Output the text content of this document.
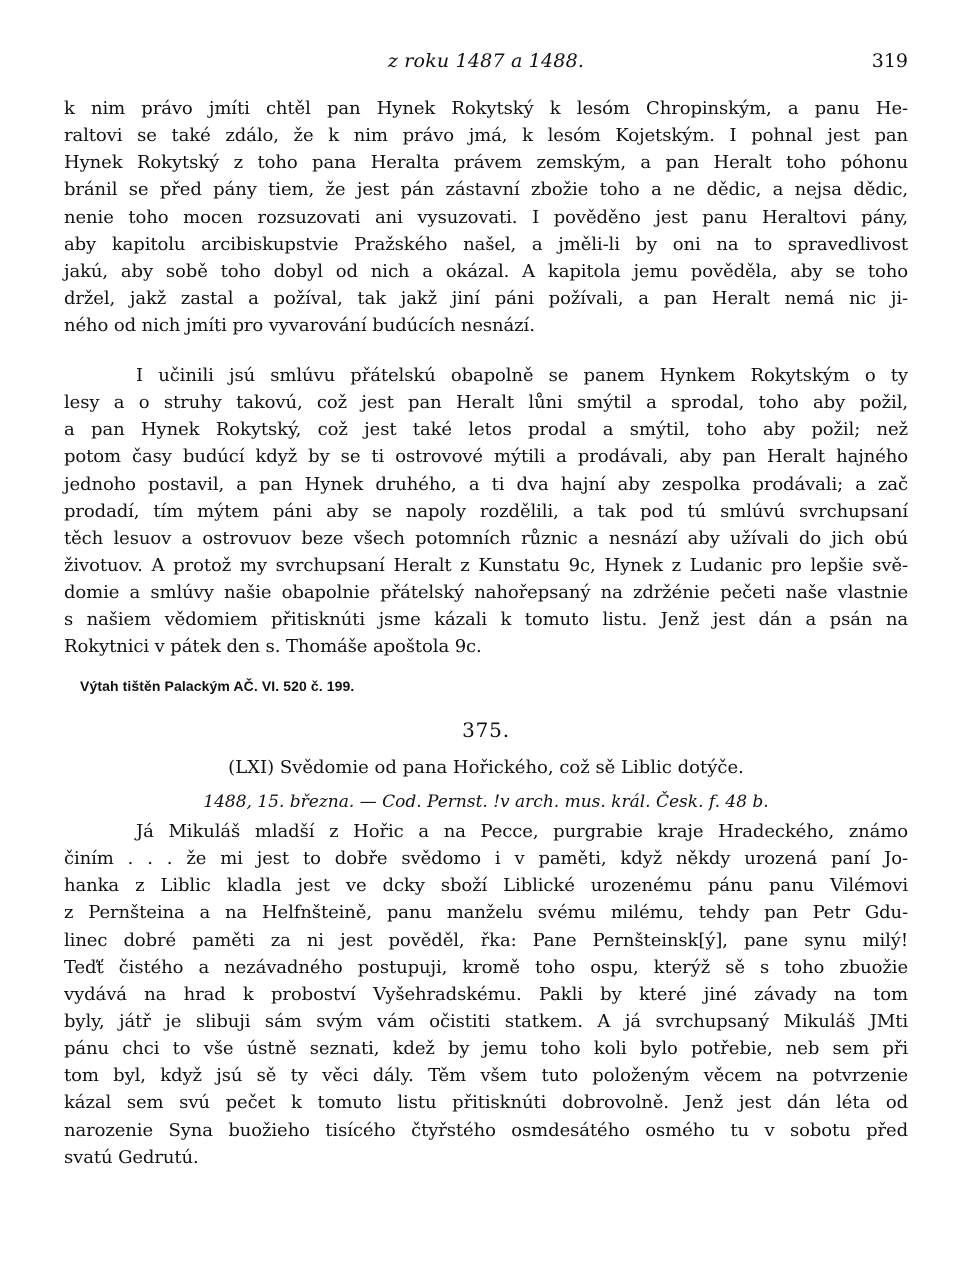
z roku 1487 a 1488.	319
k nim právo jmíti chtěl pan Hynek Rokytský k lesóm Chropinským, a panu He-
raltovi se také zdálo, že k nim právo jmá, k lesóm Kojetským. I pohnal jest pan
Hynek Rokytský z toho pana Heralta právem zemským, a pan Heralt toho póhonu
bránil se před pány tiem, že jest pán zástavní zbožie toho a ne dědic, a nejsa dědic,
nenie toho mocen rozsuzovati ani vysuzovati. I pověděno jest panu Heraltovi pány,
aby kapitolu arcibiskupstvie Pražského našel, a jměli-li by oni na to spravedlivost
jakú, aby sobě toho dobyl od nich a okázal. A kapitola jemu pověděla, aby se toho
držel, jakž zastal a požíval, tak jakž jiní páni požívali, a pan Heralt nemá nic ji-
ného od nich jmíti pro vyvarování budúcích nesnází.
I učinili jsú smlúvu přátelskú obapolně se panem Hynkem Rokytským o ty
lesy a o struhy takovú, což jest pan Heralt lůni smýtil a sprodal, toho aby požil,
a pan Hynek Rokytský, což jest také letos prodal a smýtil, toho aby požil; než
potom časy budúcí když by se ti ostrovové mýtili a prodávali, aby pan Heralt hajného
jednoho postavil, a pan Hynek druhého, a ti dva hajní aby zespolka prodávali; a zač
prodadí, tím mýtem páni aby se napoly rozdělili, a tak pod tú smlúvú svrchupsaní
těch lesuov a ostrovuov beze všech potomních různic a nesnází aby užívali do jich obú
životuov. A protož my svrchupsaní Heralt z Kunstatu 9c, Hynek z Ludanic pro lepšie svě-
domie a smlúvy našie obapolnie přátelský nahořepsaný na zdržénie pečeti naše vlastnie
s našiem vědomiem přitisknúti jsme kázali k tomuto listu. Jenž jest dán a psán na
Rokytnici v pátek den s. Thomáše apoštola 9c.
Výtah tištěn Palackým AČ. VI. 520 č. 199.
375.
(LXI) Svědomie od pana Hořického, což sě Liblic dotýče.
1488, 15. března. — Cod. Pernst. !v arch. mus. král. Česk. f. 48 b.
Já Mikuláš mladší z Hořic a na Pecce, purgrabie kraje Hradeckého, známo
činím . . . že mi jest to dobře svědomo i v paměti, když někdy urozená paní Jo-
hanka z Liblic kladla jest ve dcky sboží Liblické urozenému pánu panu Vilémovi
z Pernšteina a na Helfnšteině, panu manželu svému milému, tehdy pan Petr Gdu-
linec dobré paměti za ni jest pověděl, řka: Pane Pernšteinsk[ý], pane synu milý!
Teďť čistého a nezávadného postupuji, kromě toho ospu, kterýž sě s toho zbuožie
vydává na hrad k proboství Vyšehradskému. Pakli by které jiné závady na tom
byly, játř je slibuji sám svým vám očistiti statkem. A já svrchupsaný Mikuláš JMti
pánu chci to vše ústně seznati, kdež by jemu toho koli bylo potřebie, neb sem při
tom byl, když jsú sě ty věci dály. Těm všem tuto položeným věcem na potvrzenie
kázal sem svú pečet k tomuto listu přitisknúti dobrovolně. Jenž jest dán léta od
narozenie Syna buožieho tisícého čtyřstého osmdesátého osmého tu v sobotu před
svatú Gedrutú.
